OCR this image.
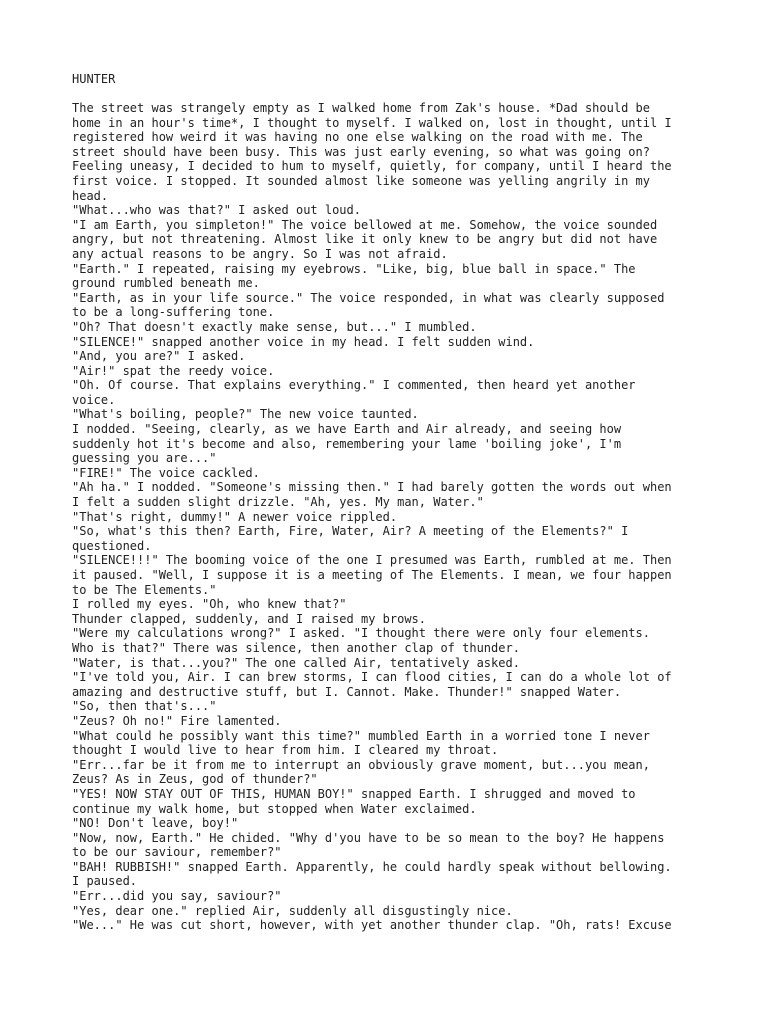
HUNTER
The street was strangely empty as I walked home from Zak's house. *Dad should be
home in an hour's time*, I thought to myself. I walked on, lost in thought, until I
registered how weird it was having no one else walking on the road with me. The
street should have been busy. This was just early evening, so what was going on?
Feeling uneasy, I decided to hum to myself, quietly, for company, until I heard the
first voice. I stopped. It sounded almost like someone was yelling angrily in my
head.
"What...who was that?" I asked out loud.
"I am Earth, you simpleton!" The voice bellowed at me. Somehow, the voice sounded
angry, but not threatening. Almost like it only knew to be angry but did not have
any actual reasons to be angry. So I was not afraid.
"Earth." I repeated, raising my eyebrows. "Like, big, blue ball in space." The
ground rumbled beneath me.
"Earth, as in your life source." The voice responded, in what was clearly supposed
to be a long-suffering tone.
"Oh? That doesn't exactly make sense, but..." I mumbled.
"SILENCE!" snapped another voice in my head. I felt sudden wind.
"And, you are?" I asked.
"Air!" spat the reedy voice.
"Oh. Of course. That explains everything." I commented, then heard yet another
voice.
"What's boiling, people?" The new voice taunted.
I nodded. "Seeing, clearly, as we have Earth and Air already, and seeing how
suddenly hot it's become and also, remembering your lame 'boiling joke', I'm
guessing you are..."
"FIRE!" The voice cackled.
"Ah ha." I nodded. "Someone's missing then." I had barely gotten the words out when
I felt a sudden slight drizzle. "Ah, yes. My man, Water."
"That's right, dummy!" A newer voice rippled.
"So, what's this then? Earth, Fire, Water, Air? A meeting of the Elements?" I
questioned.
"SILENCE!!!" The booming voice of the one I presumed was Earth, rumbled at me. Then
it paused. "Well, I suppose it is a meeting of The Elements. I mean, we four happen
to be The Elements."
I rolled my eyes. "Oh, who knew that?"
Thunder clapped, suddenly, and I raised my brows.
"Were my calculations wrong?" I asked. "I thought there were only four elements.
Who is that?" There was silence, then another clap of thunder.
"Water, is that...you?" The one called Air, tentatively asked.
"I've told you, Air. I can brew storms, I can flood cities, I can do a whole lot of
amazing and destructive stuff, but I. Cannot. Make. Thunder!" snapped Water.
"So, then that's..."
"Zeus? Oh no!" Fire lamented.
"What could he possibly want this time?" mumbled Earth in a worried tone I never
thought I would live to hear from him. I cleared my throat.
"Err...far be it from me to interrupt an obviously grave moment, but...you mean,
Zeus? As in Zeus, god of thunder?"
"YES! NOW STAY OUT OF THIS, HUMAN BOY!" snapped Earth. I shrugged and moved to
continue my walk home, but stopped when Water exclaimed.
"NO! Don't leave, boy!"
"Now, now, Earth." He chided. "Why d'you have to be so mean to the boy? He happens
to be our saviour, remember?"
"BAH! RUBBISH!" snapped Earth. Apparently, he could hardly speak without bellowing.
I paused.
"Err...did you say, saviour?"
"Yes, dear one." replied Air, suddenly all disgustingly nice.
"We..." He was cut short, however, with yet another thunder clap. "Oh, rats! Excuse
